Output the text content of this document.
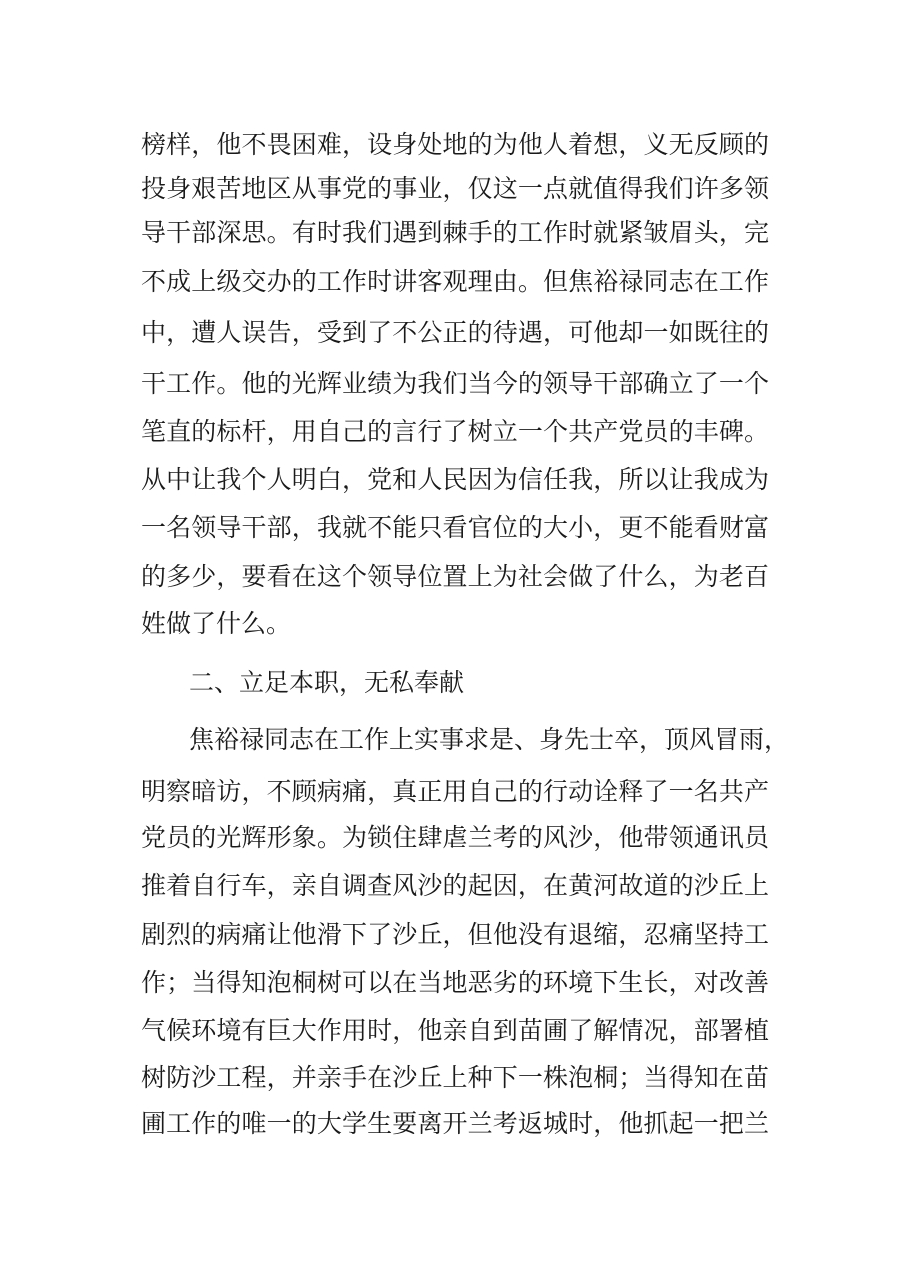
榜样，他不畏困难，设身处地的为他人着想，义无反顾的
投身艰苦地区从事党的事业，仅这一点就值得我们许多领
导干部深思。有时我们遇到棘手的工作时就紧皱眉头，完
不成上级交办的工作时讲客观理由。但焦裕禄同志在工作
中，遭人误告，受到了不公正的待遇，可他却一如既往的
干工作。他的光辉业绩为我们当今的领导干部确立了一个
笔直的标杆，用自己的言行了树立一个共产党员的丰碑。
从中让我个人明白，党和人民因为信任我，所以让我成为
一名领导干部，我就不能只看官位的大小，更不能看财富
的多少，要看在这个领导位置上为社会做了什么，为老百
姓做了什么。
二、立足本职，无私奉献
焦裕禄同志在工作上实事求是、身先士卒，顶风冒雨，
明察暗访，不顾病痛，真正用自己的行动诠释了一名共产
党员的光辉形象。为锁住肆虐兰考的风沙，他带领通讯员
推着自行车，亲自调查风沙的起因，在黄河故道的沙丘上
剧烈的病痛让他滑下了沙丘，但他没有退缩，忍痛坚持工
作；当得知泡桐树可以在当地恶劣的环境下生长，对改善
气候环境有巨大作用时，他亲自到苗圃了解情况，部署植
树防沙工程，并亲手在沙丘上种下一株泡桐；当得知在苗
圃工作的唯一的大学生要离开兰考返城时，他抓起一把兰
